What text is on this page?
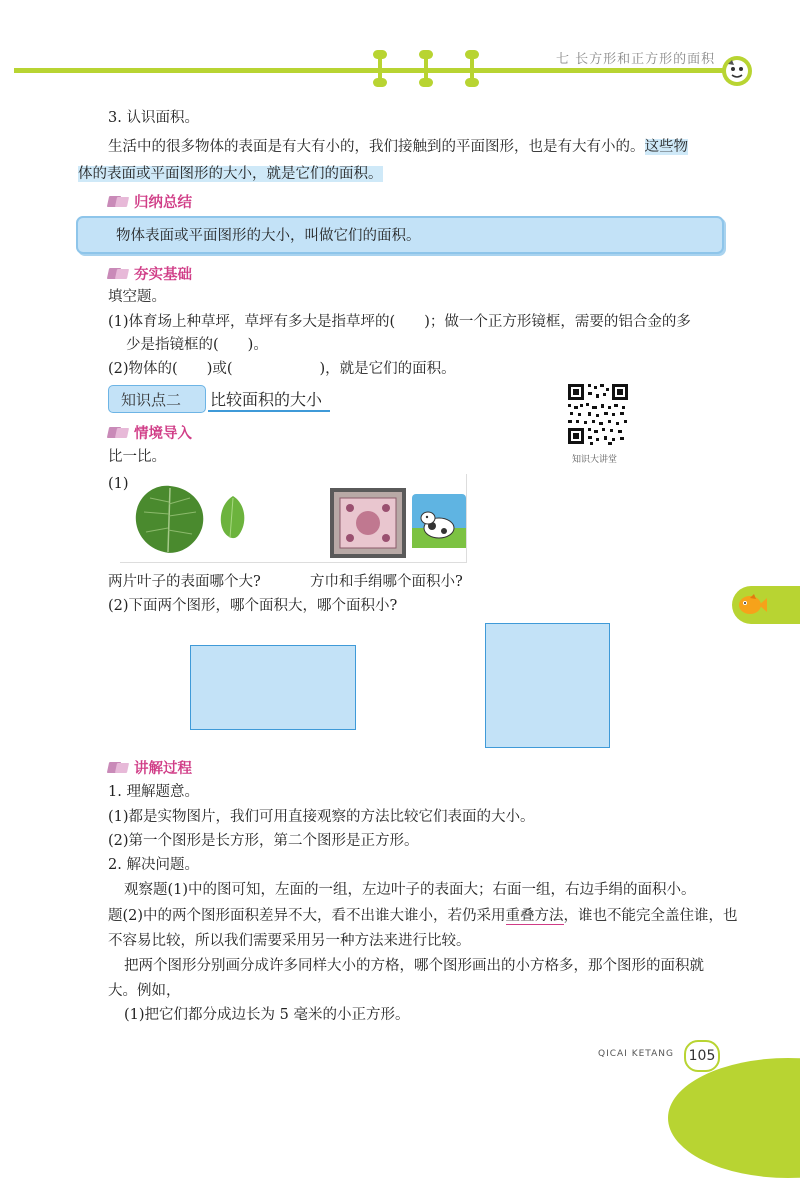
七 长方形和正方形的面积
3. 认识面积。
生活中的很多物体的表面是有大有小的，我们接触到的平面图形，也是有大有小的。这些物
体的表面或平面图形的大小，就是它们的面积。
归纳总结
物体表面或平面图形的大小，叫做它们的面积。
夯实基础
填空题。
(1)体育场上种草坪，草坪有多大是指草坪的(　　)；做一个正方形镜框，需要的铝合金的多
少是指镜框的(　　)。
(2)物体的(　　)或(　　　　　　)，就是它们的面积。
知识点二 比较面积的大小
知识大讲堂
情境导入
比一比。
(1)
两片叶子的表面哪个大?	方巾和手绢哪个面积小?
(2)下面两个图形，哪个面积大，哪个面积小?
讲解过程
1. 理解题意。
(1)都是实物图片，我们可用直接观察的方法比较它们表面的大小。
(2)第一个图形是长方形，第二个图形是正方形。
2. 解决问题。
观察题(1)中的图可知，左面的一组，左边叶子的表面大；右面一组，右边手绢的面积小。
题(2)中的两个图形面积差异不大，看不出谁大谁小，若仍采用重叠方法，谁也不能完全盖住谁，也
不容易比较，所以我们需要采用另一种方法来进行比较。
把两个图形分别画分成许多同样大小的方格，哪个图形画出的小方格多，那个图形的面积就
大。例如，
(1)把它们都分成边长为 5 毫米的小正方形。
QICAI KETANG 105
